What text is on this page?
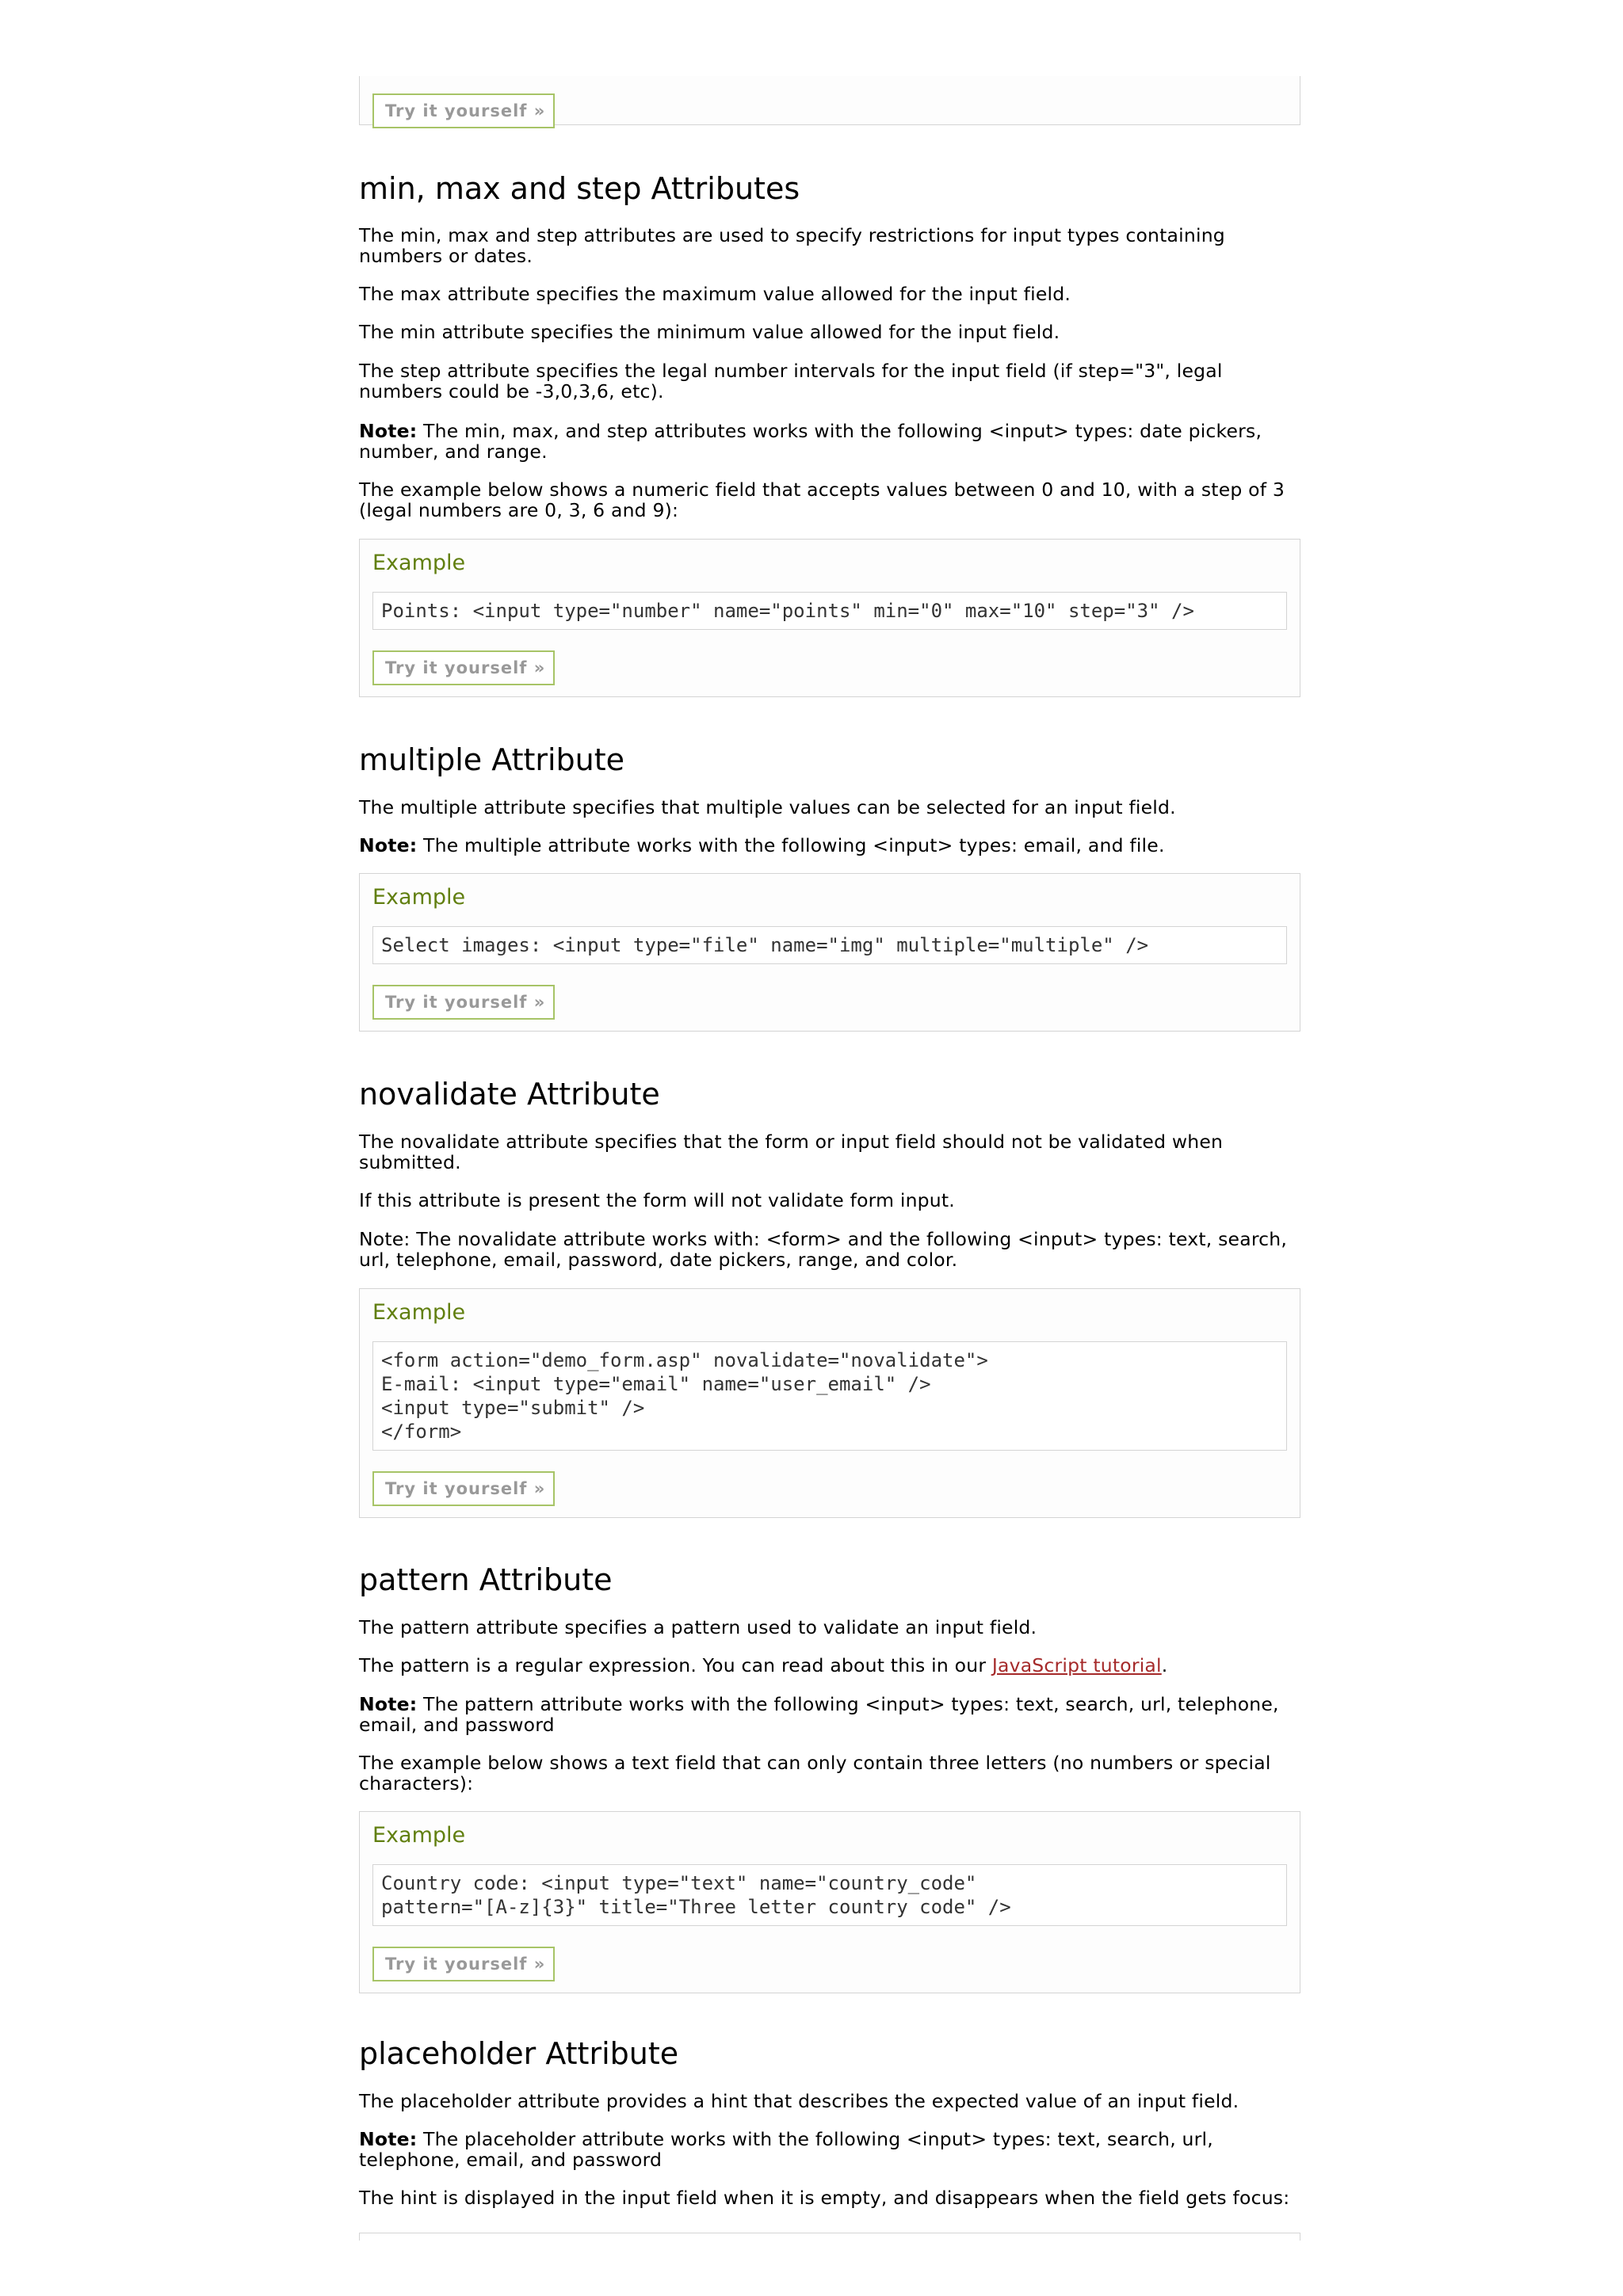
Try it yourself »
min, max and step Attributes

The min, max and step attributes are used to specify restrictions for input types containing numbers or dates.

The max attribute specifies the maximum value allowed for the input field.

The min attribute specifies the minimum value allowed for the input field.

The step attribute specifies the legal number intervals for the input field (if step="3", legal numbers could be -3,0,3,6, etc).

Note: The min, max, and step attributes works with the following <input> types: date pickers, number, and range.

The example below shows a numeric field that accepts values between 0 and 10, with a step of 3 (legal numbers are 0, 3, 6 and 9):

Example
Points: <input type="number" name="points" min="0" max="10" step="3" />
Try it yourself »
multiple Attribute

The multiple attribute specifies that multiple values can be selected for an input field.

Note: The multiple attribute works with the following <input> types: email, and file.

Example
Select images: <input type="file" name="img" multiple="multiple" />
Try it yourself »
novalidate Attribute

The novalidate attribute specifies that the form or input field should not be validated when submitted.

If this attribute is present the form will not validate form input.

Note: The novalidate attribute works with: <form> and the following <input> types: text, search, url, telephone, email, password, date pickers, range, and color.

Example
<form action="demo_form.asp" novalidate="novalidate">
E-mail: <input type="email" name="user_email" />
<input type="submit" />
</form>
Try it yourself »
pattern Attribute

The pattern attribute specifies a pattern used to validate an input field.

The pattern is a regular expression. You can read about this in our JavaScript tutorial.

Note: The pattern attribute works with the following <input> types: text, search, url, telephone, email, and password

The example below shows a text field that can only contain three letters (no numbers or special characters):

Example
Country code: <input type="text" name="country_code"
pattern="[A-z]{3}" title="Three letter country code" />
Try it yourself »
placeholder Attribute

The placeholder attribute provides a hint that describes the expected value of an input field.

Note: The placeholder attribute works with the following <input> types: text, search, url, telephone, email, and password

The hint is displayed in the input field when it is empty, and disappears when the field gets focus:
